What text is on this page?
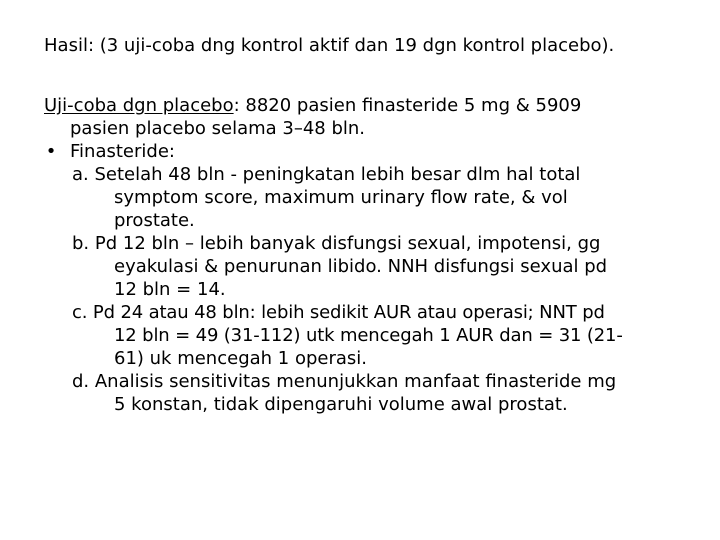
Hasil: (3 uji-coba dng kontrol aktif dan 19 dgn kontrol placebo).
Uji-coba dgn placebo: 8820 pasien finasteride 5 mg & 5909
pasien placebo selama 3–48 bln.
• Finasteride:
a. Setelah 48 bln - peningkatan lebih besar dlm hal total
symptom score, maximum urinary flow rate, & vol
prostate.
b. Pd 12 bln – lebih banyak disfungsi sexual, impotensi, gg
eyakulasi & penurunan libido. NNH disfungsi sexual pd
12 bln = 14.
c. Pd 24 atau 48 bln: lebih sedikit AUR atau operasi; NNT pd
12 bln = 49 (31-112) utk mencegah 1 AUR dan = 31 (21-
61) uk mencegah 1 operasi.
d. Analisis sensitivitas menunjukkan manfaat finasteride mg
5 konstan, tidak dipengaruhi volume awal prostat.
